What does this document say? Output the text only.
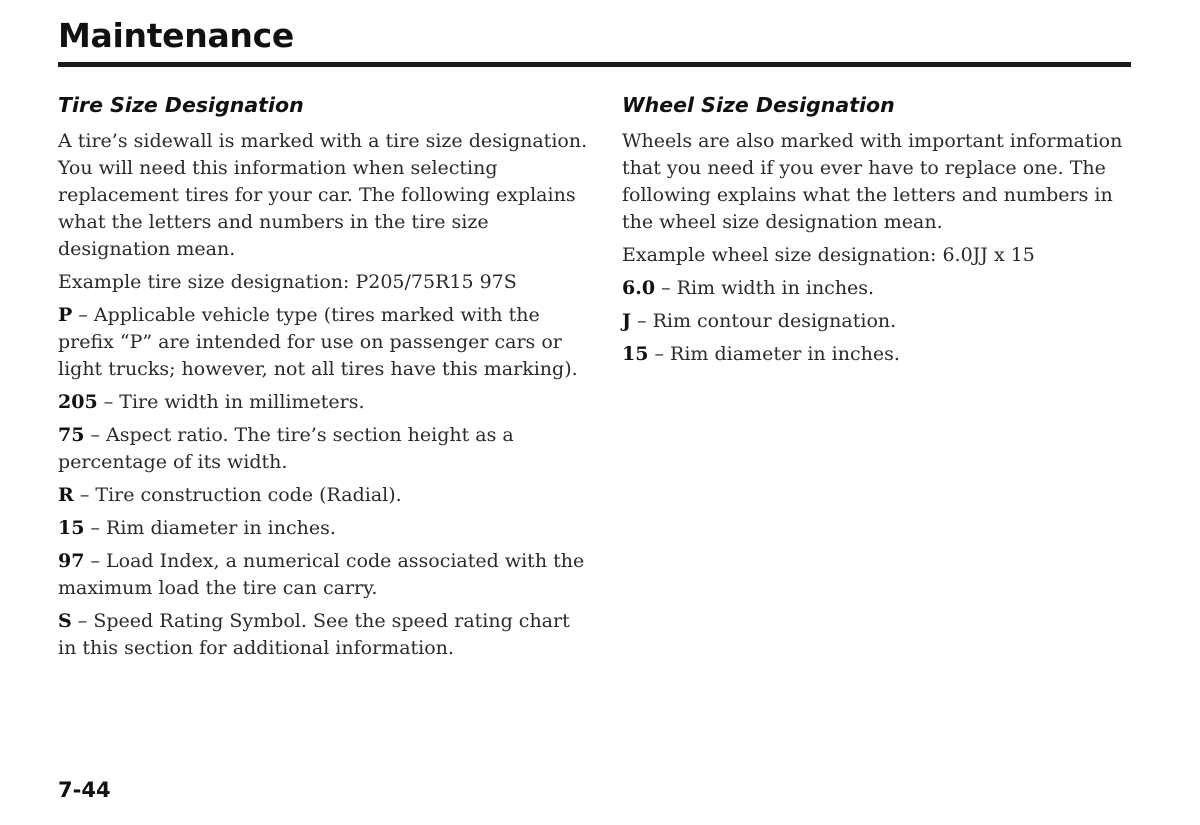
Maintenance
Tire Size Designation

A tire’s sidewall is marked with a tire size designation. You will need this information when selecting replacement tires for your car. The following explains what the letters and numbers in the tire size designation mean.

Example tire size designation: P205/75R15 97S

P – Applicable vehicle type (tires marked with the prefix “P” are intended for use on passenger cars or light trucks; however, not all tires have this marking).

205 – Tire width in millimeters.

75 – Aspect ratio. The tire’s section height as a percentage of its width.

R – Tire construction code (Radial).

15 – Rim diameter in inches.

97 – Load Index, a numerical code associated with the maximum load the tire can carry.

S – Speed Rating Symbol. See the speed rating chart in this section for additional information.

Wheel Size Designation

Wheels are also marked with important information that you need if you ever have to replace one. The following explains what the letters and numbers in the wheel size designation mean.

Example wheel size designation: 6.0JJ x 15

6.0 – Rim width in inches.

J – Rim contour designation.

15 – Rim diameter in inches.

7-44
